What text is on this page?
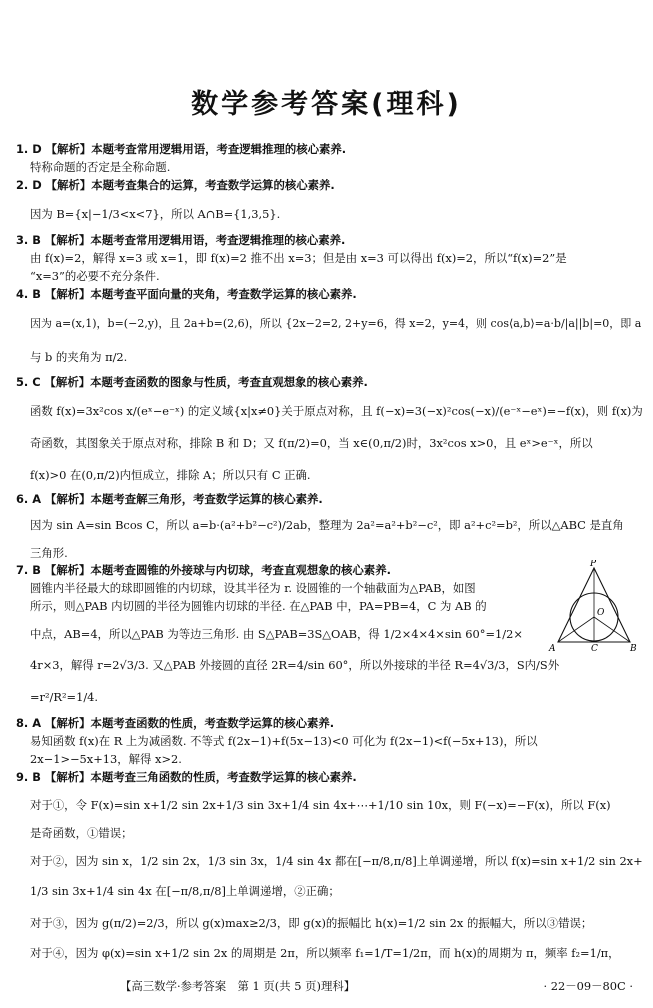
数学参考答案(理科)
1. D 【解析】本题考查常用逻辑用语，考查逻辑推理的核心素养.
特称命题的否定是全称命题.
2. D 【解析】本题考查集合的运算，考查数学运算的核心素养.
因为 B={x|−1/3<x<7}，所以 A∩B={1,3,5}.
3. B 【解析】本题考查常用逻辑用语，考查逻辑推理的核心素养.
由 f(x)=2，解得 x=3 或 x=1，即 f(x)=2 推不出 x=3；但是由 x=3 可以得出 f(x)=2，所以“f(x)=2”是
“x=3”的必要不充分条件.
4. B 【解析】本题考查平面向量的夹角，考查数学运算的核心素养.
因为 a=(x,1)，b=(−2,y)，且 2a+b=(2,6)，所以 {2x−2=2, 2+y=6，得 x=2，y=4，则 cos⟨a,b⟩=a·b/|a||b|=0，即 a
与 b 的夹角为 π/2.
5. C 【解析】本题考查函数的图象与性质，考查直观想象的核心素养.
函数 f(x)=3x²cos x/(eˣ−e⁻ˣ) 的定义域{x|x≠0}关于原点对称，且 f(−x)=3(−x)²cos(−x)/(e⁻ˣ−eˣ)=−f(x)，则 f(x)为
奇函数，其图象关于原点对称，排除 B 和 D；又 f(π/2)=0，当 x∈(0,π/2)时，3x²cos x>0，且 eˣ>e⁻ˣ，所以
f(x)>0 在(0,π/2)内恒成立，排除 A；所以只有 C 正确.
6. A 【解析】本题考查解三角形，考查数学运算的核心素养.
因为 sin A=sin Bcos C，所以 a=b·(a²+b²−c²)/2ab，整理为 2a²=a²+b²−c²，即 a²+c²=b²，所以△ABC 是直角
三角形.
7. B 【解析】本题考查圆锥的外接球与内切球，考查直观想象的核心素养.
圆锥内半径最大的球即圆锥的内切球，设其半径为 r. 设圆锥的一个轴截面为△PAB，如图
所示，则△PAB 内切圆的半径为圆锥内切球的半径. 在△PAB 中，PA=PB=4，C 为 AB 的
中点，AB=4，所以△PAB 为等边三角形. 由 S△PAB=3S△OAB，得 1/2×4×4×sin 60°=1/2×
4r×3，解得 r=2√3/3. 又△PAB 外接圆的直径 2R=4/sin 60°，所以外接球的半径 R=4√3/3，S内/S外
=r²/R²=1/4.
8. A 【解析】本题考查函数的性质，考查数学运算的核心素养.
易知函数 f(x)在 R 上为减函数. 不等式 f(2x−1)+f(5x−13)<0 可化为 f(2x−1)<f(−5x+13)，所以
2x−1>−5x+13，解得 x>2.
9. B 【解析】本题考查三角函数的性质，考查数学运算的核心素养.
对于①，令 F(x)=sin x+1/2 sin 2x+1/3 sin 3x+1/4 sin 4x+⋯+1/10 sin 10x，则 F(−x)=−F(x)，所以 F(x)
是奇函数，①错误；
对于②，因为 sin x，1/2 sin 2x，1/3 sin 3x，1/4 sin 4x 都在[−π/8,π/8]上单调递增，所以 f(x)=sin x+1/2 sin 2x+
1/3 sin 3x+1/4 sin 4x 在[−π/8,π/8]上单调递增，②正确；
对于③，因为 g(π/2)=2/3，所以 g(x)max≥2/3，即 g(x)的振幅比 h(x)=1/2 sin 2x 的振幅大，所以③错误；
对于④，因为 φ(x)=sin x+1/2 sin 2x 的周期是 2π，所以频率 f₁=1/T=1/2π，而 h(x)的周期为 π，频率 f₂=1/π，
P
O
A	C	B
【高三数学·参考答案　第 1 页(共 5 页)理科】	· 22－09－80C ·
